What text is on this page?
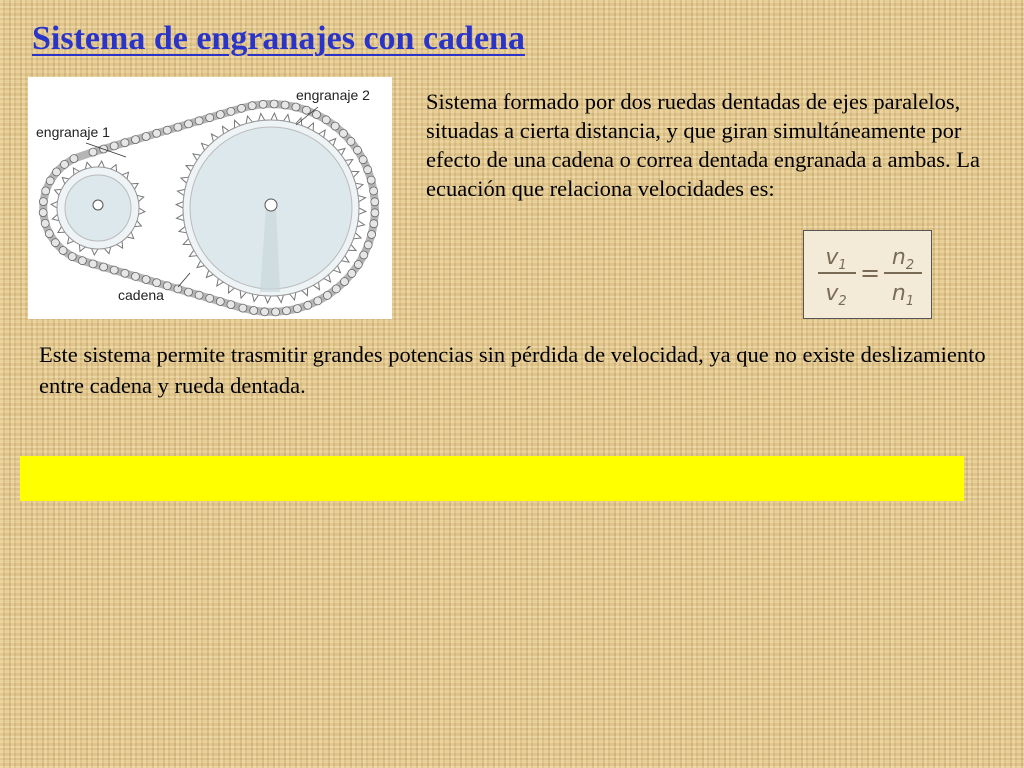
Sistema de engranajes con cadena
engranaje 1
engranaje 2
cadena

Sistema formado por dos ruedas dentadas de ejes paralelos, situadas a cierta distancia, y que giran simultáneamente por efecto de una cadena o correa dentada engranada a ambas. La ecuación que relaciona velocidades es:

$v_1$
$v_2$
=
$n_2$
$n_1$

Este sistema permite trasmitir grandes potencias sin pérdida de velocidad, ya que no existe deslizamiento entre cadena y rueda dentada.
